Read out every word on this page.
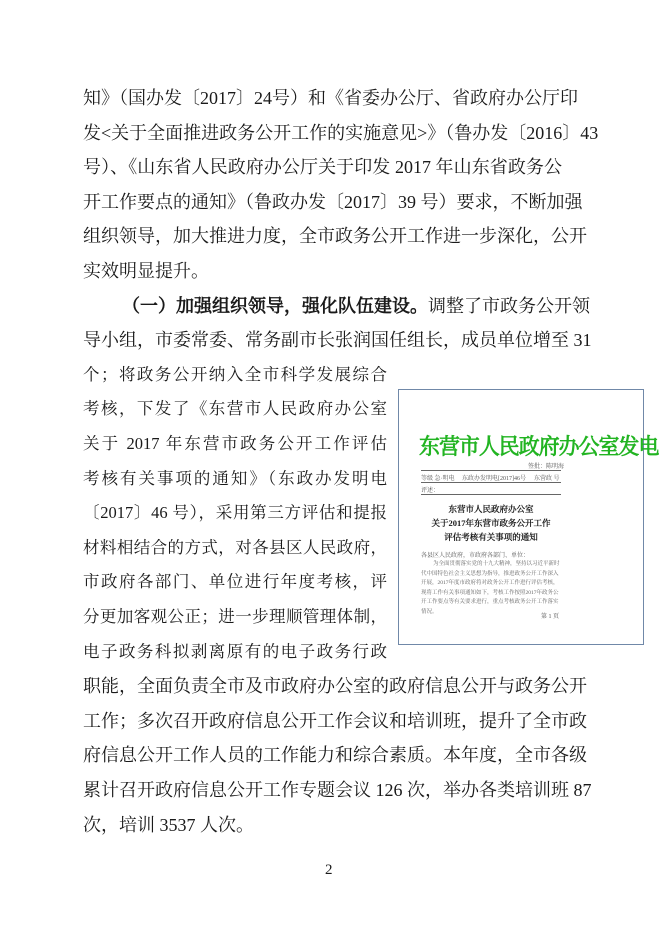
知》（国办发〔2017〕24号）和《省委办公厅、省政府办公厅印
发<关于全面推进政务公开工作的实施意见>》（鲁办发〔2016〕43
号）、《山东省人民政府办公厅关于印发 2017 年山东省政务公
开工作要点的通知》（鲁政办发〔2017〕39 号）要求，不断加强
组织领导，加大推进力度，全市政务公开工作进一步深化，公开
实效明显提升。
（一）加强组织领导，强化队伍建设。调整了市政务公开领
导小组，市委常委、常务副市长张润国任组长，成员单位增至 31
个；将政务公开纳入全市科学发展综合
考核，下发了《东营市人民政府办公室
关于 2017 年东营市政务公开工作评估
考核有关事项的通知》（东政办发明电
〔2017〕46 号），采用第三方评估和提报
材料相结合的方式，对各县区人民政府，
市政府各部门、单位进行年度考核，评
分更加客观公正；进一步理顺管理体制，
电子政务科拟剥离原有的电子政务行政
职能，全面负责全市及市政府办公室的政府信息公开与政务公开
工作；多次召开政府信息公开工作会议和培训班，提升了全市政
府信息公开工作人员的工作能力和综合素质。本年度，全市各级
累计召开政府信息公开工作专题会议 126 次，举办各类培训班 87
次，培训 3537 人次。
东营市人民政府办公室发电
签批：陈明海
等级 急·明电 东政办发明电[2017]46号 东营政 号
评述：
东营市人民政府办公室
关于2017年东营市政务公开工作
评估考核有关事项的通知
各县区人民政府，市政府各部门、单位：
为全面贯彻落实党的十九大精神，坚持以习近平新时代中国特色社会主义思想为指导，推进政务公开工作深入开展，2017年度市政府将对政务公开工作进行评估考核，现将工作有关事项通知如下，考核工作按照2017年政务公开工作要点等有关要求进行，重点考核政务公开工作落实情况。
第 1 页
2
